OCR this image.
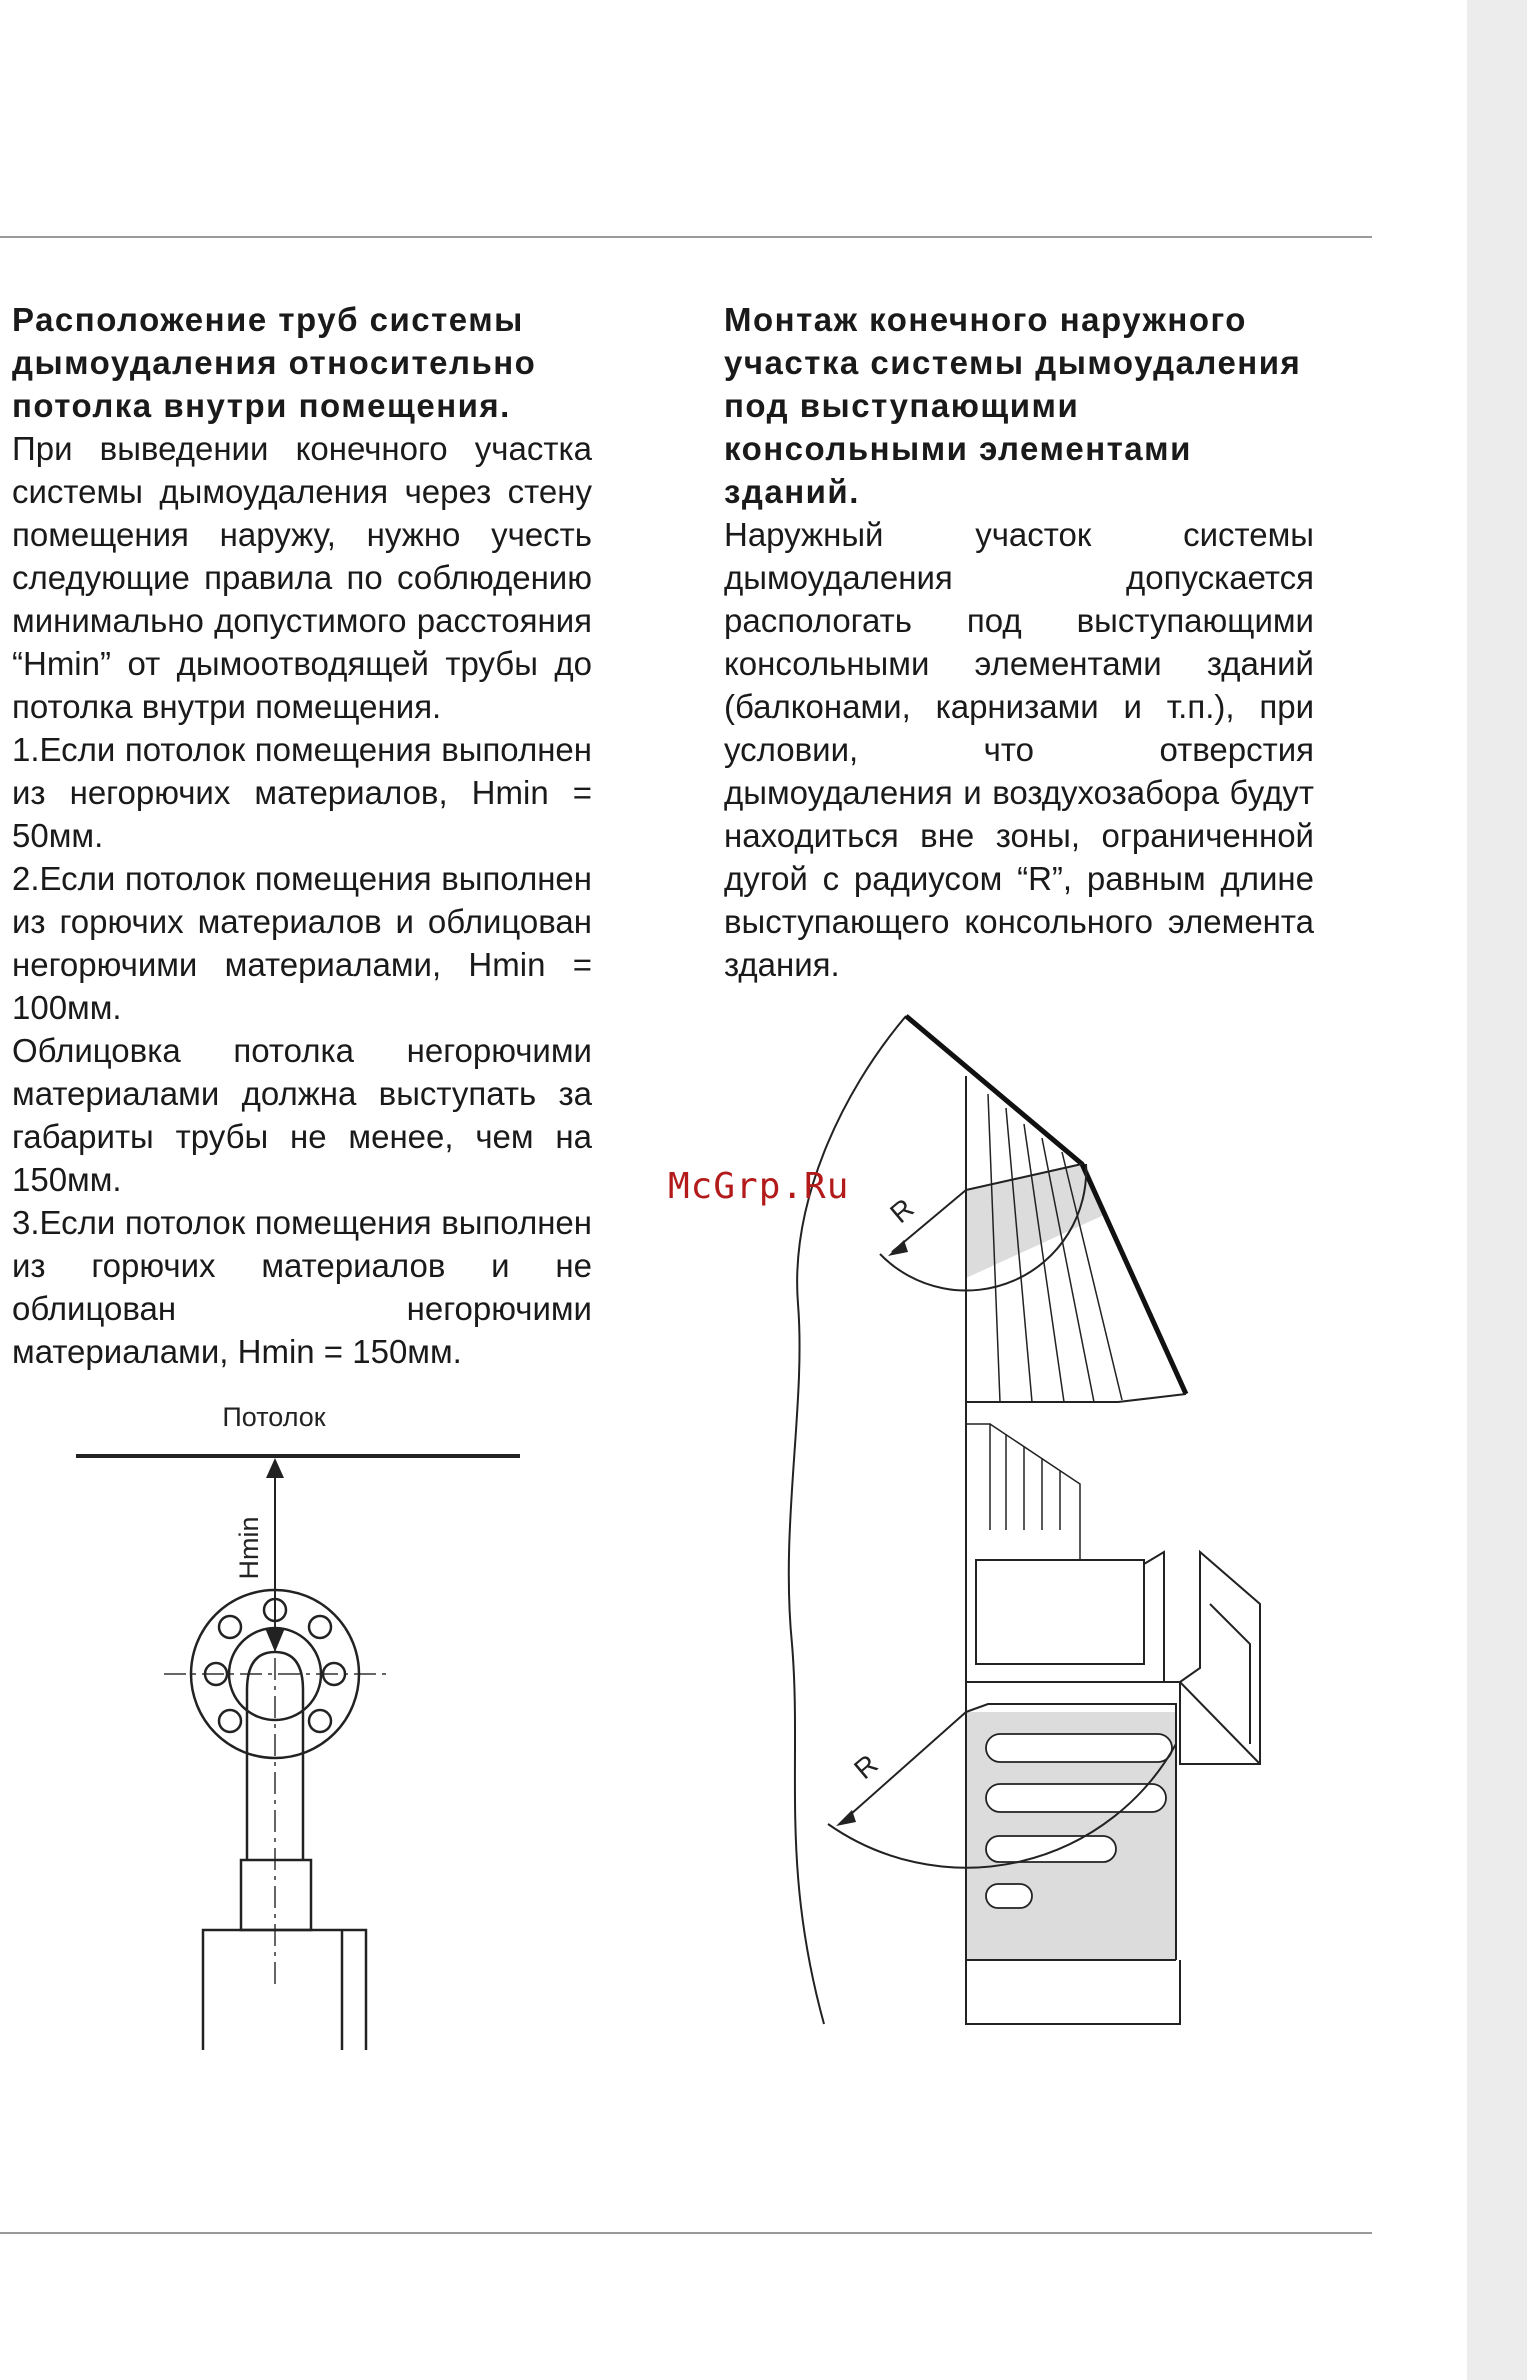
Расположение труб системы дымоудаления относительно потолка внутри помещения.

При выведении конечного участка системы дымоудаления через стену помещения наружу, нужно учесть следующие правила по соблюдению минимально допустимого расстояния “Hmin” от дымоотводящей трубы до потолка внутри помещения.

1.Если потолок помещения выполнен из негорючих материалов, Hmin = 50мм.

2.Если потолок помещения выполнен из горючих материалов и облицован негорючими материалами, Hmin = 100мм.

Облицовка потолка негорючими материалами должна выступать за габариты трубы не менее, чем на 150мм.

3.Если потолок помещения выполнен из горючих материалов и не облицован негорючими материалами, Hmin = 150мм.

Монтаж конечного наружного участка системы дымоудаления под выступающими консольными элементами зданий.

Наружный участок системы дымоудаления допускается распологать под выступающими консольными элементами зданий (балконами, карнизами и т.п.), при условии, что отверстия дымоудаления и воздухозабора будут находиться вне зоны, ограниченной дугой с радиусом “R”, равным длине выступающего консольного элемента здания.

Потолок
Hmin
R
R
McGrp.Ru
